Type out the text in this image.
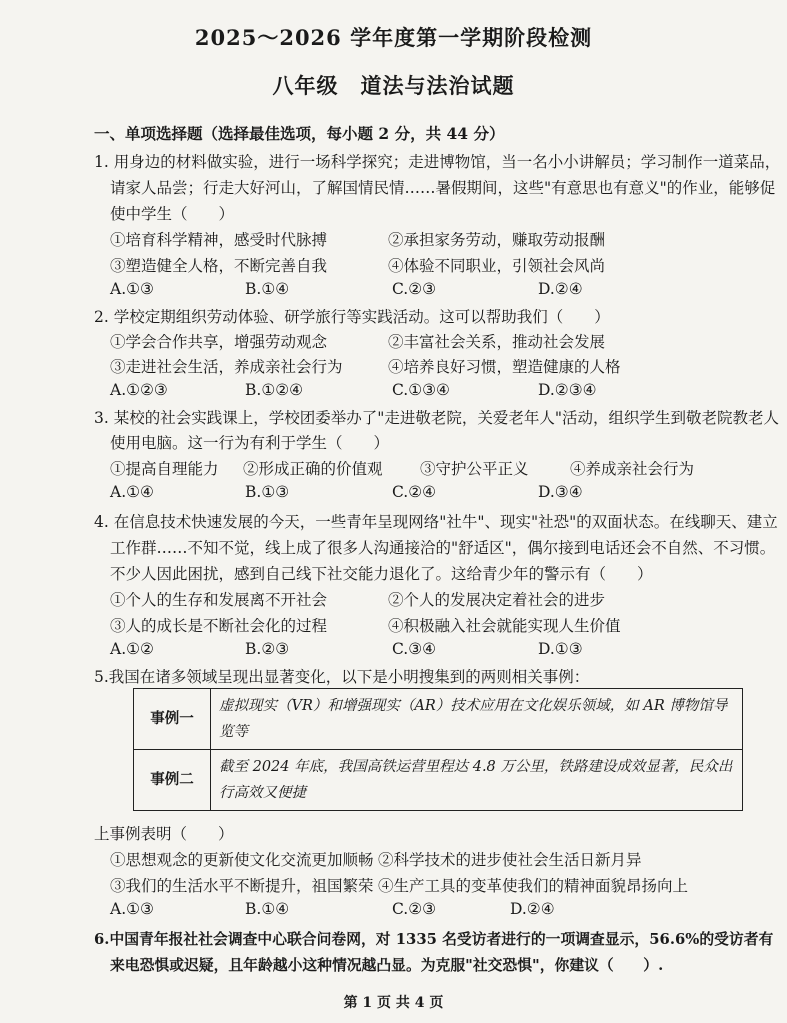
2025～2026 学年度第一学期阶段检测
八年级　道法与法治试题
一、单项选择题（选择最佳选项，每小题 2 分，共 44 分）
1. 用身边的材料做实验，进行一场科学探究；走进博物馆，当一名小小讲解员；学习制作一道菜品，
请家人品尝；行走大好河山，了解国情民情……暑假期间，这些"有意思也有意义"的作业，能够促
使中学生（　　）
①培育科学精神，感受时代脉搏	②承担家务劳动，赚取劳动报酬
③塑造健全人格，不断完善自我	④体验不同职业，引领社会风尚
A.①③	B.①④	C.②③	D.②④
2. 学校定期组织劳动体验、研学旅行等实践活动。这可以帮助我们（　　）
①学会合作共享，增强劳动观念	②丰富社会关系，推动社会发展
③走进社会生活，养成亲社会行为	④培养良好习惯，塑造健康的人格
A.①②③	B.①②④	C.①③④	D.②③④
3. 某校的社会实践课上，学校团委举办了"走进敬老院，关爱老年人"活动，组织学生到敬老院教老人
使用电脑。这一行为有利于学生（　　）
①提高自理能力 ②形成正确的价值观 ③守护公平正义	④养成亲社会行为
A.①④	B.①③	C.②④	D.③④
4. 在信息技术快速发展的今天，一些青年呈现网络"社牛"、现实"社恐"的双面状态。在线聊天、建立
工作群……不知不觉，线上成了很多人沟通接洽的"舒适区"，偶尔接到电话还会不自然、不习惯。
不少人因此困扰，感到自己线下社交能力退化了。这给青少年的警示有（　　）
①个人的生存和发展离不开社会	②个人的发展决定着社会的进步
③人的成长是不断社会化的过程	④积极融入社会就能实现人生价值
A.①②	B.②③	C.③④	D.①③
5.我国在诸多领域呈现出显著变化，以下是小明搜集到的两则相关事例：
事例一	虚拟现实（VR）和增强现实（AR）技术应用在文化娱乐领域，如 AR 博物馆导览等
事例二	截至 2024 年底，我国高铁运营里程达 4.8 万公里，铁路建设成效显著，民众出行高效又便捷
上事例表明（　　）
①思想观念的更新使文化交流更加顺畅 ②科学技术的进步使社会生活日新月异
③我们的生活水平不断提升，祖国繁荣 ④生产工具的变革使我们的精神面貌昂扬向上
A.①③	B.①④	C.②③	D.②④
6.中国青年报社社会调查中心联合问卷网，对 1335 名受访者进行的一项调查显示，56.6%的受访者有
来电恐惧或迟疑，且年龄越小这种情况越凸显。为克服"社交恐惧"，你建议（　　）.
第 1 页 共 4 页
